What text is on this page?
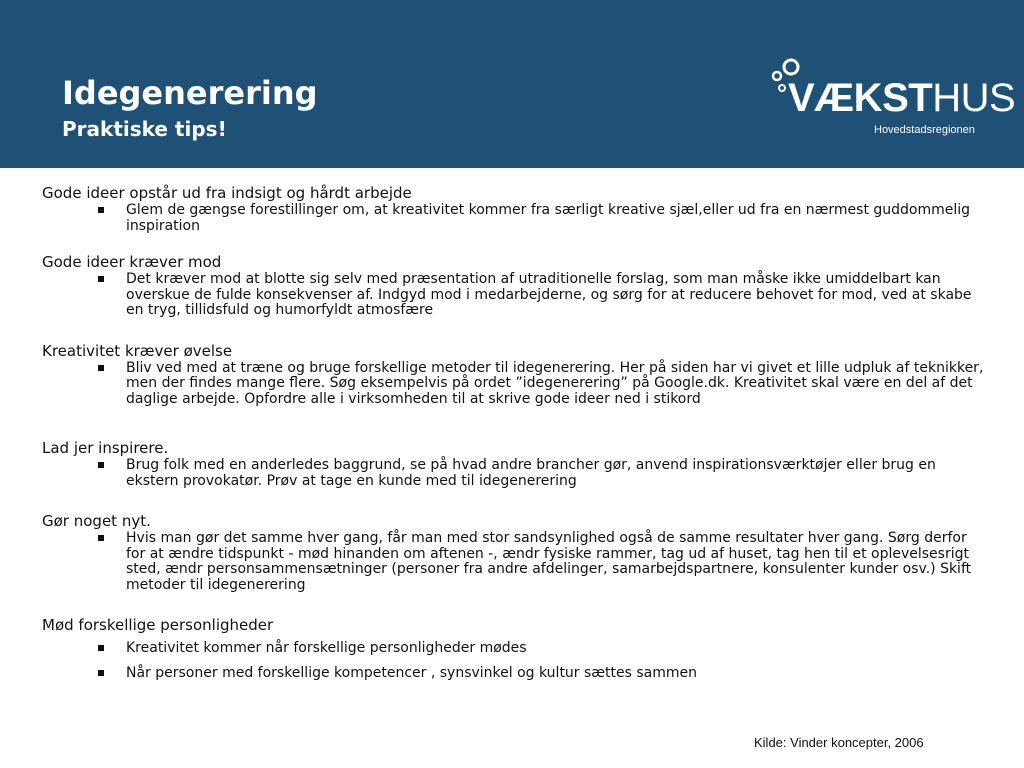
Idegenerering
Praktiske tips!
VÆKSTHUS
Hovedstadsregionen

Gode ideer opstår ud fra indsigt og hårdt arbejde

Glem de gængse forestillinger om, at kreativitet kommer fra særligt kreative sjæl,eller ud fra en nærmest guddommelig inspiration

Gode ideer kræver mod

Det kræver mod at blotte sig selv med præsentation af utraditionelle forslag, som man måske ikke umiddelbart kan overskue de fulde konsekvenser af. Indgyd mod i medarbejderne, og sørg for at reducere behovet for mod, ved at skabe en tryg, tillidsfuld og humorfyldt atmosfære

Kreativitet kræver øvelse

Bliv ved med at træne og bruge forskellige metoder til idegenerering. Her på siden har vi givet et lille udpluk af teknikker, men der findes mange flere. Søg eksempelvis på ordet ”idegenerering” på Google.dk. Kreativitet skal være en del af det daglige arbejde. Opfordre alle i virksomheden til at skrive gode ideer ned i stikord

Lad jer inspirere.

Brug folk med en anderledes baggrund, se på hvad andre brancher gør, anvend inspirationsværktøjer eller brug en ekstern provokatør. Prøv at tage en kunde med til idegenerering

Gør noget nyt.

Hvis man gør det samme hver gang, får man med stor sandsynlighed også de samme resultater hver gang. Sørg derfor for at ændre tidspunkt - mød hinanden om aftenen -, ændr fysiske rammer, tag ud af huset, tag hen til et oplevelsesrigt sted, ændr personsammensætninger (personer fra andre afdelinger, samarbejdspartnere, konsulenter kunder osv.) Skift metoder til idegenerering

Mød forskellige personligheder

Kreativitet kommer når forskellige personligheder mødes
Når personer med forskellige kompetencer , synsvinkel og kultur sættes sammen
Kilde: Vinder koncepter, 2006
